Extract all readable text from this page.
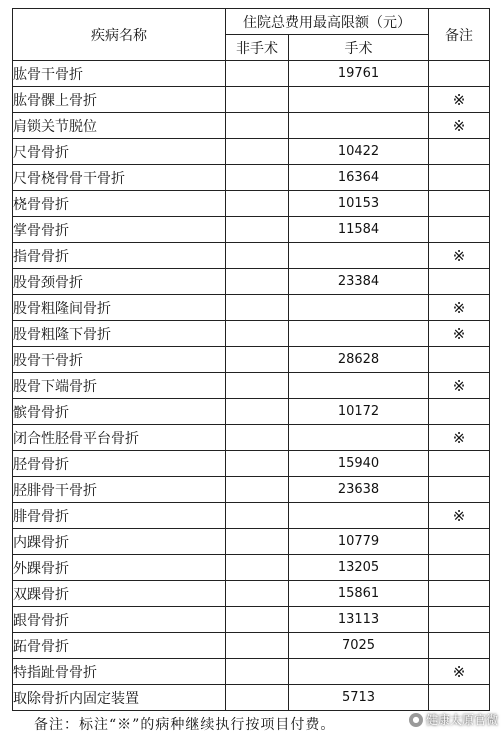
疾病名称	住院总费用最高限额（元）		备注
	非手术	手术	
肱骨干骨折		19761	
肱骨髁上骨折			※
肩锁关节脱位			※
尺骨骨折		10422	
尺骨桡骨骨干骨折		16364	
桡骨骨折		10153	
掌骨骨折		11584	
指骨骨折			※
股骨颈骨折		23384	
股骨粗隆间骨折			※
股骨粗隆下骨折			※
股骨干骨折		28628	
股骨下端骨折			※
髌骨骨折		10172	
闭合性胫骨平台骨折			※
胫骨骨折		15940	
胫腓骨干骨折		23638	
腓骨骨折			※
内踝骨折		10779	
外踝骨折		13205	
双踝骨折		15861	
跟骨骨折		13113	
跖骨骨折		7025	
特指趾骨骨折			※
取除骨折内固定装置		5713	
备注：标注“※”的病种继续执行按项目付费。	● 健康太原官微
